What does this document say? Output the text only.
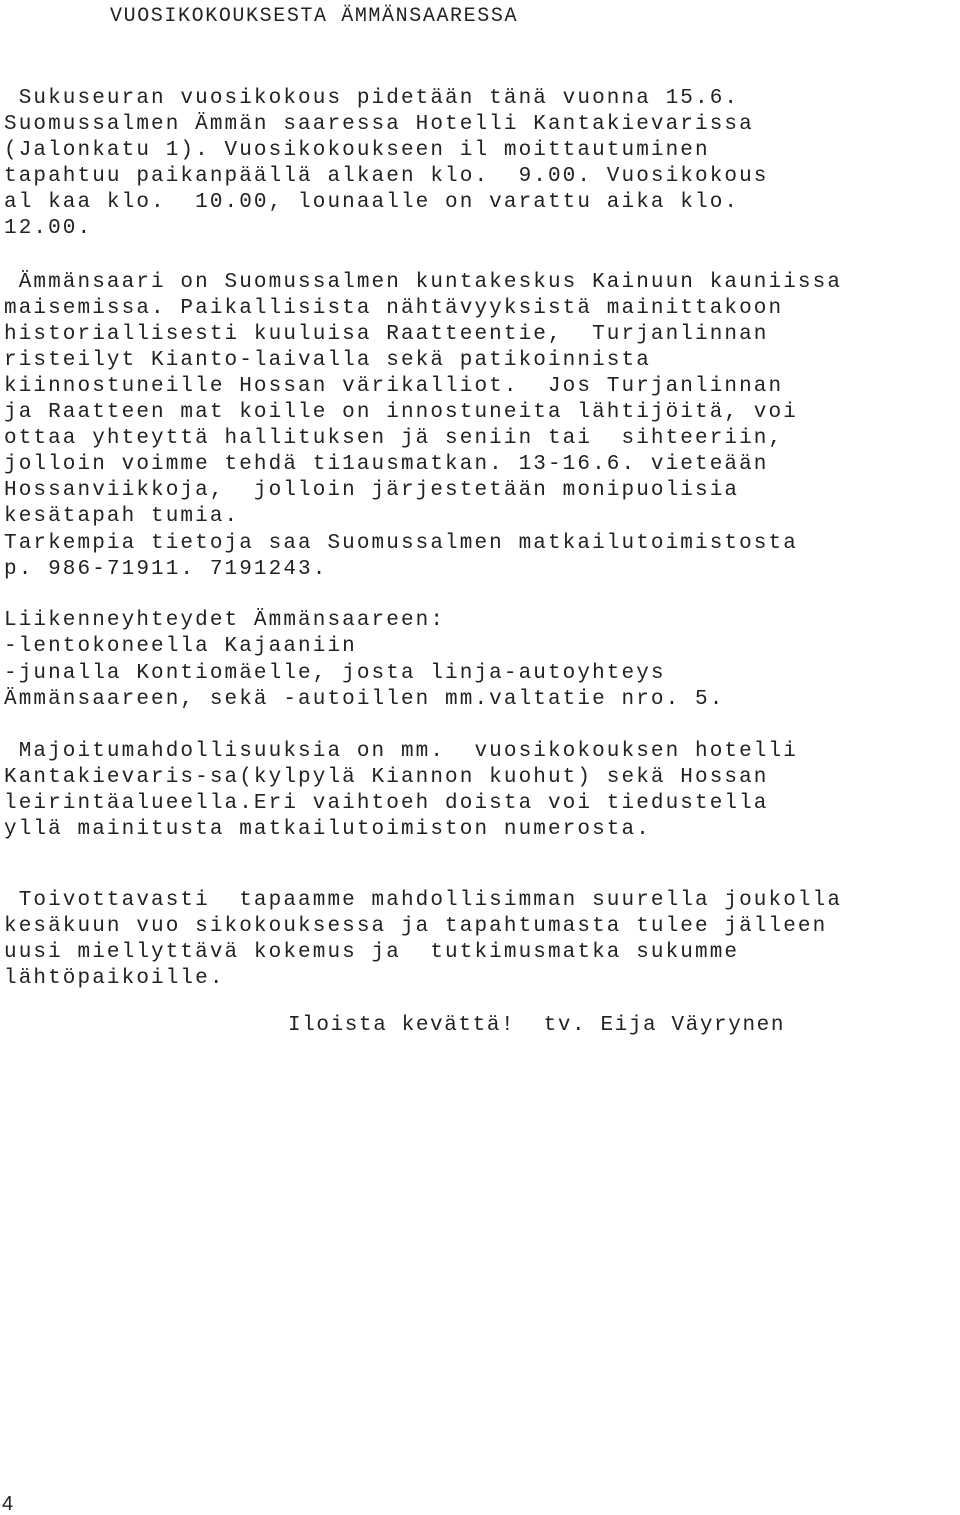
VUOSIKOKOUKSESTA ÄMMÄNSAARESSA
Sukuseuran vuosikokous pidetään tänä vuonna 15.6.
Suomussalmen Ämmän saaressa Hotelli Kantakievarissa
(Jalonkatu 1). Vuosikokoukseen il moittautuminen
tapahtuu paikanpäällä alkaen klo.  9.00. Vuosikokous
al kaa klo.  10.00, lounaalle on varattu aika klo.
12.00.
Ämmänsaari on Suomussalmen kuntakeskus Kainuun kauniissa
maisemissa. Paikallisista nähtävyyksistä mainittakoon
historiallisesti kuuluisa Raatteentie,  Turjanlinnan
risteilyt Kianto-laivalla sekä patikoinnista
kiinnostuneille Hossan värikalliot.  Jos Turjanlinnan
ja Raatteen mat koille on innostuneita lähtijöitä, voi
ottaa yhteyttä hallituksen jä seniin tai  sihteeriin,
jolloin voimme tehdä ti1ausmatkan. 13-16.6. vieteään
Hossanviikkoja,  jolloin järjestetään monipuolisia
kesätapah tumia.
Tarkempia tietoja saa Suomussalmen matkailutoimistosta
p. 986-71911. 7191243.
Liikenneyhteydet Ämmänsaareen:
-lentokoneella Kajaaniin
-junalla Kontiomäelle, josta linja-autoyhteys
Ämmänsaareen, sekä -autoillen mm.valtatie nro. 5.
Majoitumahdollisuuksia on mm.  vuosikokouksen hotelli
Kantakievaris-sa(kylpylä Kiannon kuohut) sekä Hossan
leirintäalueella.Eri vaihtoeh doista voi tiedustella
yllä mainitusta matkailutoimiston numerosta.
Toivottavasti  tapaamme mahdollisimman suurella joukolla
kesäkuun vuo sikokouksessa ja tapahtumasta tulee jälleen
uusi miellyttävä kokemus ja  tutkimusmatka sukumme
lähtöpaikoille.
Iloista kevättä!  tv. Eija Väyrynen
4
